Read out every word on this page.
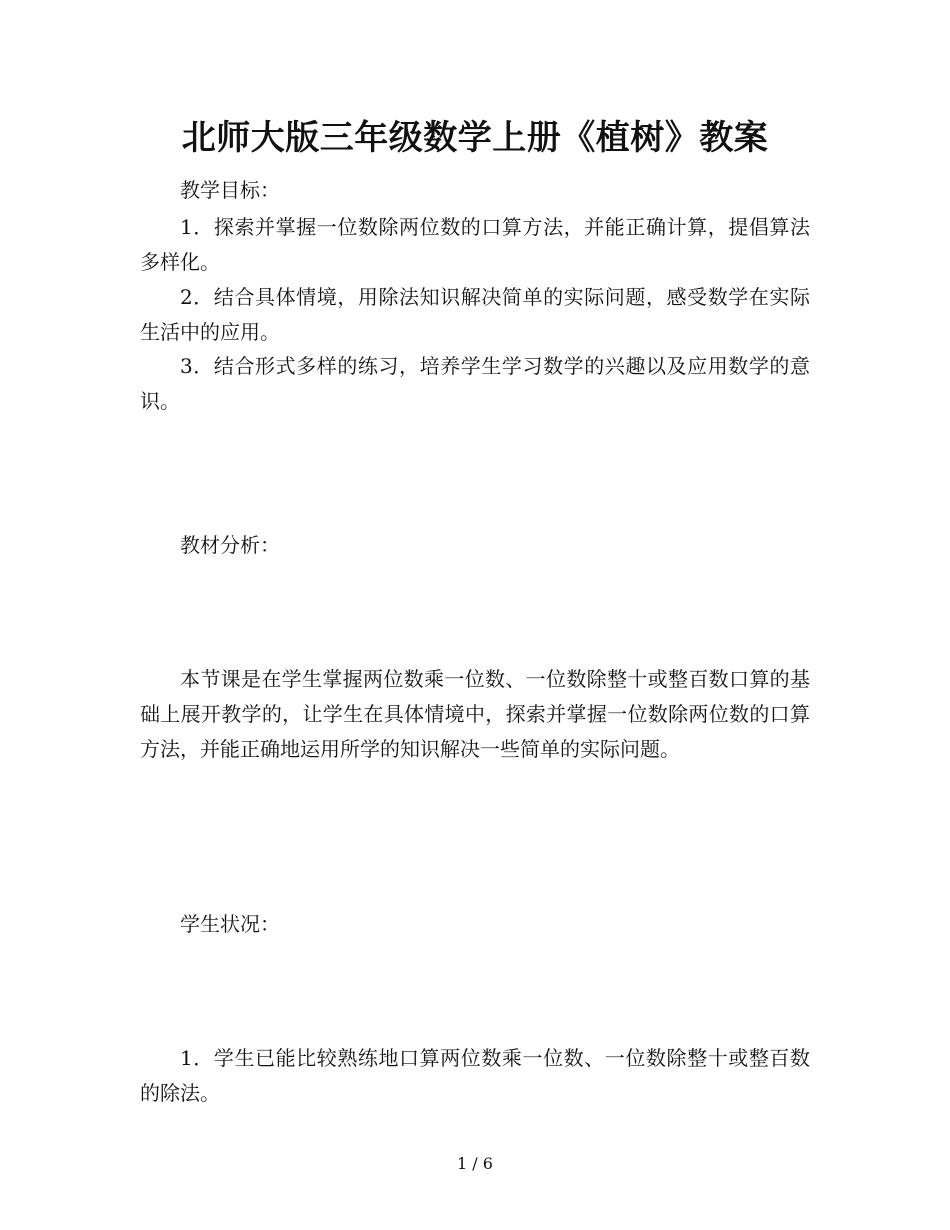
北师大版三年级数学上册《植树》教案

教学目标：

1．探索并掌握一位数除两位数的口算方法，并能正确计算，提倡算法多样化。

2．结合具体情境，用除法知识解决简单的实际问题，感受数学在实际生活中的应用。

3．结合形式多样的练习，培养学生学习数学的兴趣以及应用数学的意识。

教材分析：

本节课是在学生掌握两位数乘一位数、一位数除整十或整百数口算的基础上展开教学的，让学生在具体情境中，探索并掌握一位数除两位数的口算方法，并能正确地运用所学的知识解决一些简单的实际问题。

学生状况：

1．学生已能比较熟练地口算两位数乘一位数、一位数除整十或整百数的除法。

1 / 6
